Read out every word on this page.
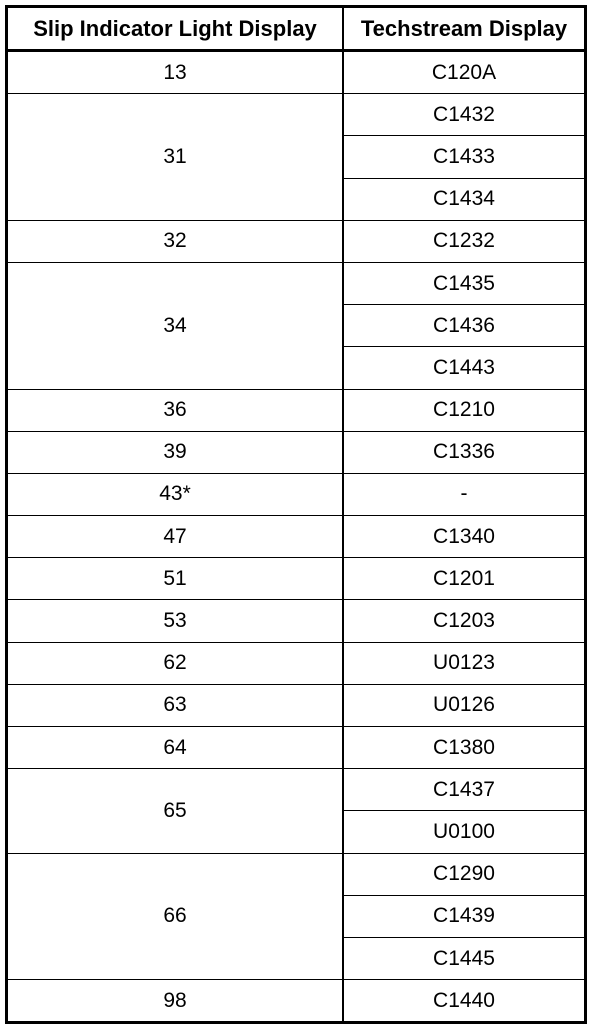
Slip Indicator Light Display	Techstream Display
13	C120A
31	C1432
	C1433
	C1434
32	C1232
34	C1435
	C1436
	C1443
36	C1210
39	C1336
43*	-
47	C1340
51	C1201
53	C1203
62	U0123
63	U0126
64	C1380
65	C1437
	U0100
66	C1290
	C1439
	C1445
98	C1440
